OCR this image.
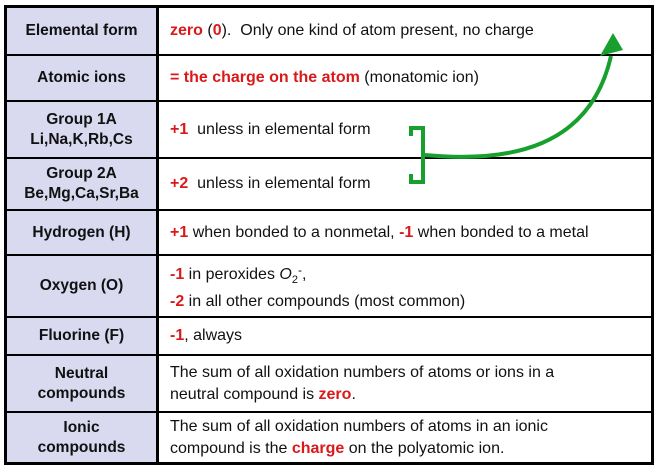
Elemental form zero (0).  Only one kind of atom present, no charge
Atomic ions	= the charge on the atom (monatomic ion)
Group 1A
Li,Na,K,Rb,Cs
+1  unless in elemental form
Group 2A
Be,Mg,Ca,Sr,Ba
+2  unless in elemental form
Hydrogen (H) +1 when bonded to a nonmetal, -1 when bonded to a metal
Oxygen (O)
-1 in peroxides $O_2^-$,
-2 in all other compounds (most common)
Fluorine (F)	-1, always
Neutral
compounds
The sum of all oxidation numbers of atoms or ions in a
neutral compound is zero.
Ionic
compounds
The sum of all oxidation numbers of atoms in an ionic
compound is the charge on the polyatomic ion.
